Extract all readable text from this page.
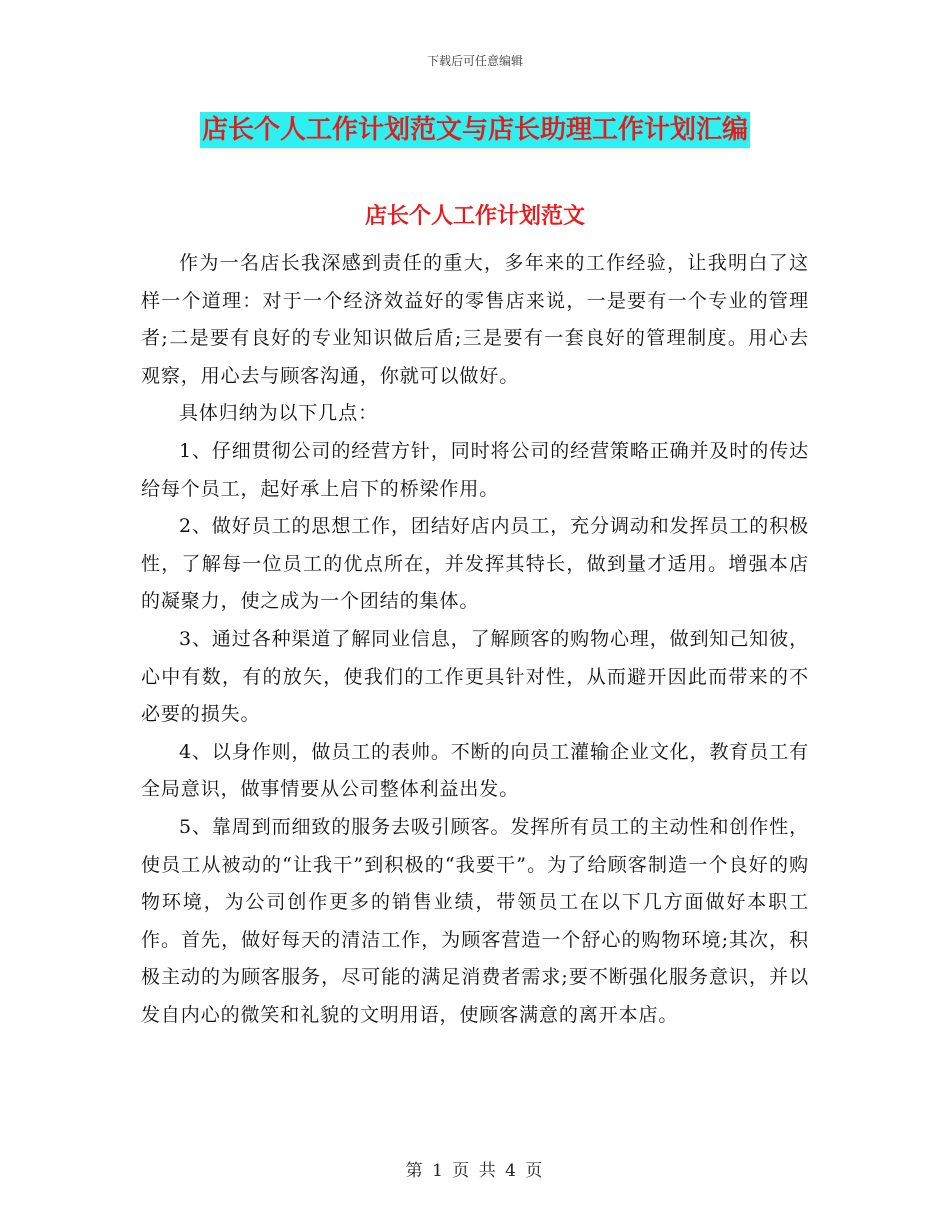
下载后可任意编辑
店长个人工作计划范文与店长助理工作计划汇编
店长个人工作计划范文

作为一名店长我深感到责任的重大，多年来的工作经验，让我明白了这样一个道理：对于一个经济效益好的零售店来说，一是要有一个专业的管理者;二是要有良好的专业知识做后盾;三是要有一套良好的管理制度。用心去观察，用心去与顾客沟通，你就可以做好。

具体归纳为以下几点：

1、仔细贯彻公司的经营方针，同时将公司的经营策略正确并及时的传达给每个员工，起好承上启下的桥梁作用。

2、做好员工的思想工作，团结好店内员工，充分调动和发挥员工的积极性，了解每一位员工的优点所在，并发挥其特长，做到量才适用。增强本店的凝聚力，使之成为一个团结的集体。

3、通过各种渠道了解同业信息，了解顾客的购物心理，做到知己知彼，心中有数，有的放矢，使我们的工作更具针对性，从而避开因此而带来的不必要的损失。

4、以身作则，做员工的表帅。不断的向员工灌输企业文化，教育员工有全局意识，做事情要从公司整体利益出发。

5、靠周到而细致的服务去吸引顾客。发挥所有员工的主动性和创作性，使员工从被动的“让我干”到积极的“我要干”。为了给顾客制造一个良好的购物环境，为公司创作更多的销售业绩，带领员工在以下几方面做好本职工作。首先，做好每天的清洁工作，为顾客营造一个舒心的购物环境;其次，积极主动的为顾客服务，尽可能的满足消费者需求;要不断强化服务意识，并以发自内心的微笑和礼貌的文明用语，使顾客满意的离开本店。

第 1 页 共 4 页
